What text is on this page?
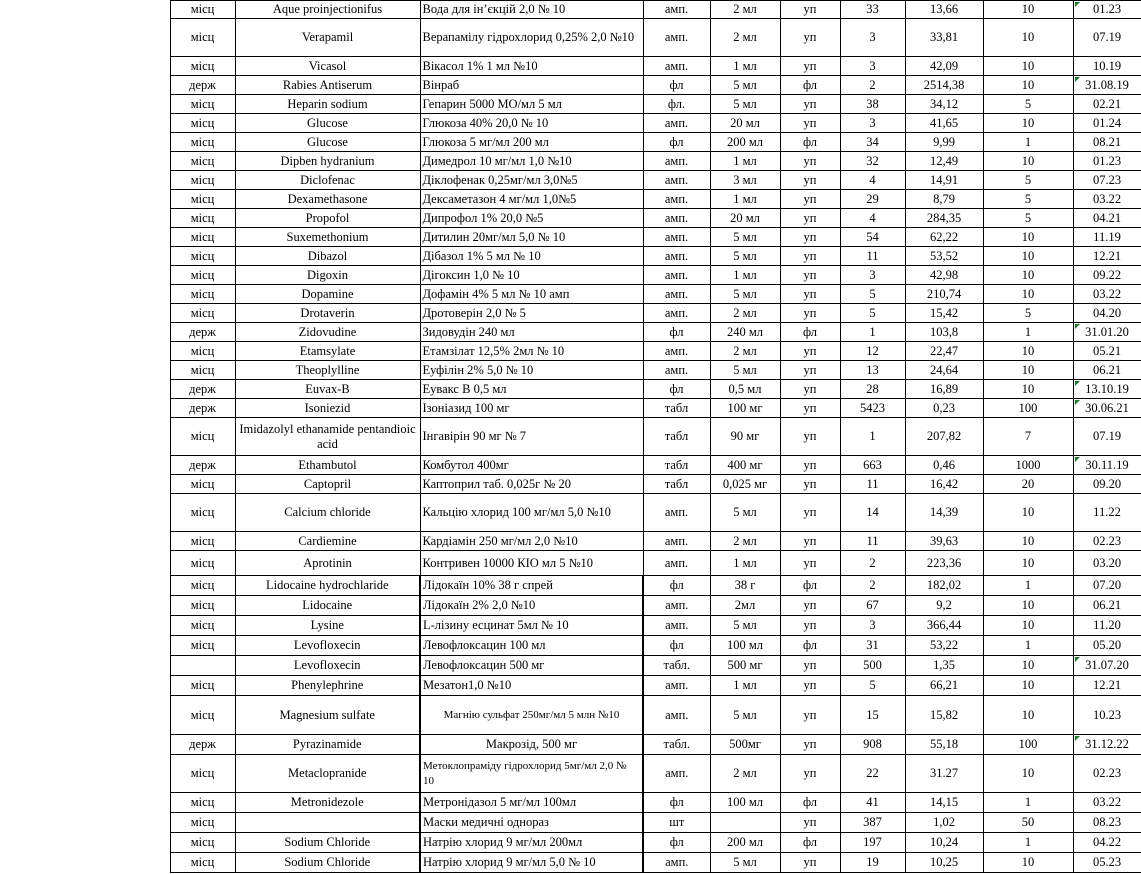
	місц	Aque proinjectionifus	Вода для ін’єкцій 2,0 № 10	амп.	2 мл	уп	33	13,66	10	01.23
	місц	Verapamil	Верапамілу гідрохлорид 0,25% 2,0 №10	амп.	2 мл	уп	3	33,81	10	07.19
	місц	Vicasol	Вікасол 1% 1 мл №10	амп.	1 мл	уп	3	42,09	10	10.19
	держ	Rabies Antiserum	Вінраб	фл	5 мл	фл	2	2514,38	10	31.08.19
	місц	Heparin sodium	Гепарин 5000 МО/мл 5 мл	фл.	5 мл	уп	38	34,12	5	02.21
	місц	Glucose	Глюкоза 40% 20,0 № 10	амп.	20 мл	уп	3	41,65	10	01.24
	місц	Glucose	Глюкоза 5 мг/мл 200 мл	фл	200 мл	фл	34	9,99	1	08.21
	місц	Dipben hydranium	Димедрол 10 мг/мл 1,0 №10	амп.	1 мл	уп	32	12,49	10	01.23
	місц	Diclofenac	Діклофенак 0,25мг/мл 3,0№5	амп.	3 мл	уп	4	14,91	5	07.23
	місц	Dexamethasone	Дексаметазон 4 мг/мл 1,0№5	амп.	1 мл	уп	29	8,79	5	03.22
	місц	Propofol	Дипрофол 1% 20,0 №5	амп.	20 мл	уп	4	284,35	5	04.21
	місц	Suxemethonium	Дитилин 20мг/мл 5,0 № 10	амп.	5 мл	уп	54	62,22	10	11.19
	місц	Dibazol	Дібазол 1% 5 мл № 10	амп.	5 мл	уп	11	53,52	10	12.21
	місц	Digoxin	Дігоксин 1,0 № 10	амп.	1 мл	уп	3	42,98	10	09.22
	місц	Dopamine	Дофамін 4% 5 мл № 10 амп	амп.	5 мл	уп	5	210,74	10	03.22
	місц	Drotaverin	Дротоверін 2,0 № 5	амп.	2 мл	уп	5	15,42	5	04.20
	держ	Zidovudine	Зидовудін 240 мл	фл	240 мл	фл	1	103,8	1	31.01.20
	місц	Etamsylate	Етамзілат 12,5% 2мл № 10	амп.	2 мл	уп	12	22,47	10	05.21
	місц	Theoplylline	Еуфілін 2% 5,0 № 10	амп.	5 мл	уп	13	24,64	10	06.21
	держ	Euvax-B	Еувакс В 0,5 мл	фл	0,5 мл	уп	28	16,89	10	13.10.19
	держ	Isoniezid	Ізоніазид 100 мг	табл	100 мг	уп	5423	0,23	100	30.06.21
	місц	Imidazolyl ethanamide pentandioic acid	Інгавірін 90 мг № 7	табл	90 мг	уп	1	207,82	7	07.19
	держ	Ethambutol	Комбутол 400мг	табл	400 мг	уп	663	0,46	1000	30.11.19
	місц	Captopril	Каптоприл таб. 0,025г № 20	табл	0,025 мг	уп	11	16,42	20	09.20
	місц	Calcium chloride	Кальцію хлорид 100 мг/мл 5,0 №10	амп.	5 мл	уп	14	14,39	10	11.22
	місц	Cardiemine	Кардіамін 250 мг/мл 2,0 №10	амп.	2 мл	уп	11	39,63	10	02.23
	місц	Aprotinin	Контривен 10000 КІО мл 5 №10	амп.	1 мл	уп	2	223,36	10	03.20
	місц	Lidocaine hydrochlaride	Лідокаїн 10% 38 г спрей	фл	38 г	фл	2	182,02	1	07.20
	місц	Lidocaine	Лідокаїн 2% 2,0 №10	амп.	2мл	уп	67	9,2	10	06.21
	місц	Lysine	L-лізину есцинат 5мл № 10	амп.	5 мл	уп	3	366,44	10	11.20
	місц	Levofloxecin	Левофлоксацин 100 мл	фл	100 мл	фл	31	53,22	1	05.20
		Levofloxecin	Левофлоксацин 500 мг	табл.	500 мг	уп	500	1,35	10	31.07.20
	місц	Phenylephrine	Мезатон1,0 №10	амп.	1 мл	уп	5	66,21	10	12.21
	місц	Magnesium sulfate	Магнію сульфат 250мг/мл 5 млн №10	амп.	5 мл	уп	15	15,82	10	10.23
	держ	Pyrazinamide	Макрозід, 500 мг	табл.	500мг	уп	908	55,18	100	31.12.22
	місц	Metaclopranide	Метоклопраміду гідрохлорид 5мг/мл 2,0 № 10	амп.	2 мл	уп	22	31.27	10	02.23
	місц	Metronidezole	Метронідазол 5 мг/мл 100мл	фл	100 мл	фл	41	14,15	1	03.22
	місц		Маски медичні однораз	шт		уп	387	1,02	50	08.23
	місц	Sodium Chloride	Натрію хлорид 9 мг/мл 200мл	фл	200 мл	фл	197	10,24	1	04.22
	місц	Sodium Chloride	Натрію хлорид 9 мг/мл 5,0 № 10	амп.	5 мл	уп	19	10,25	10	05.23
